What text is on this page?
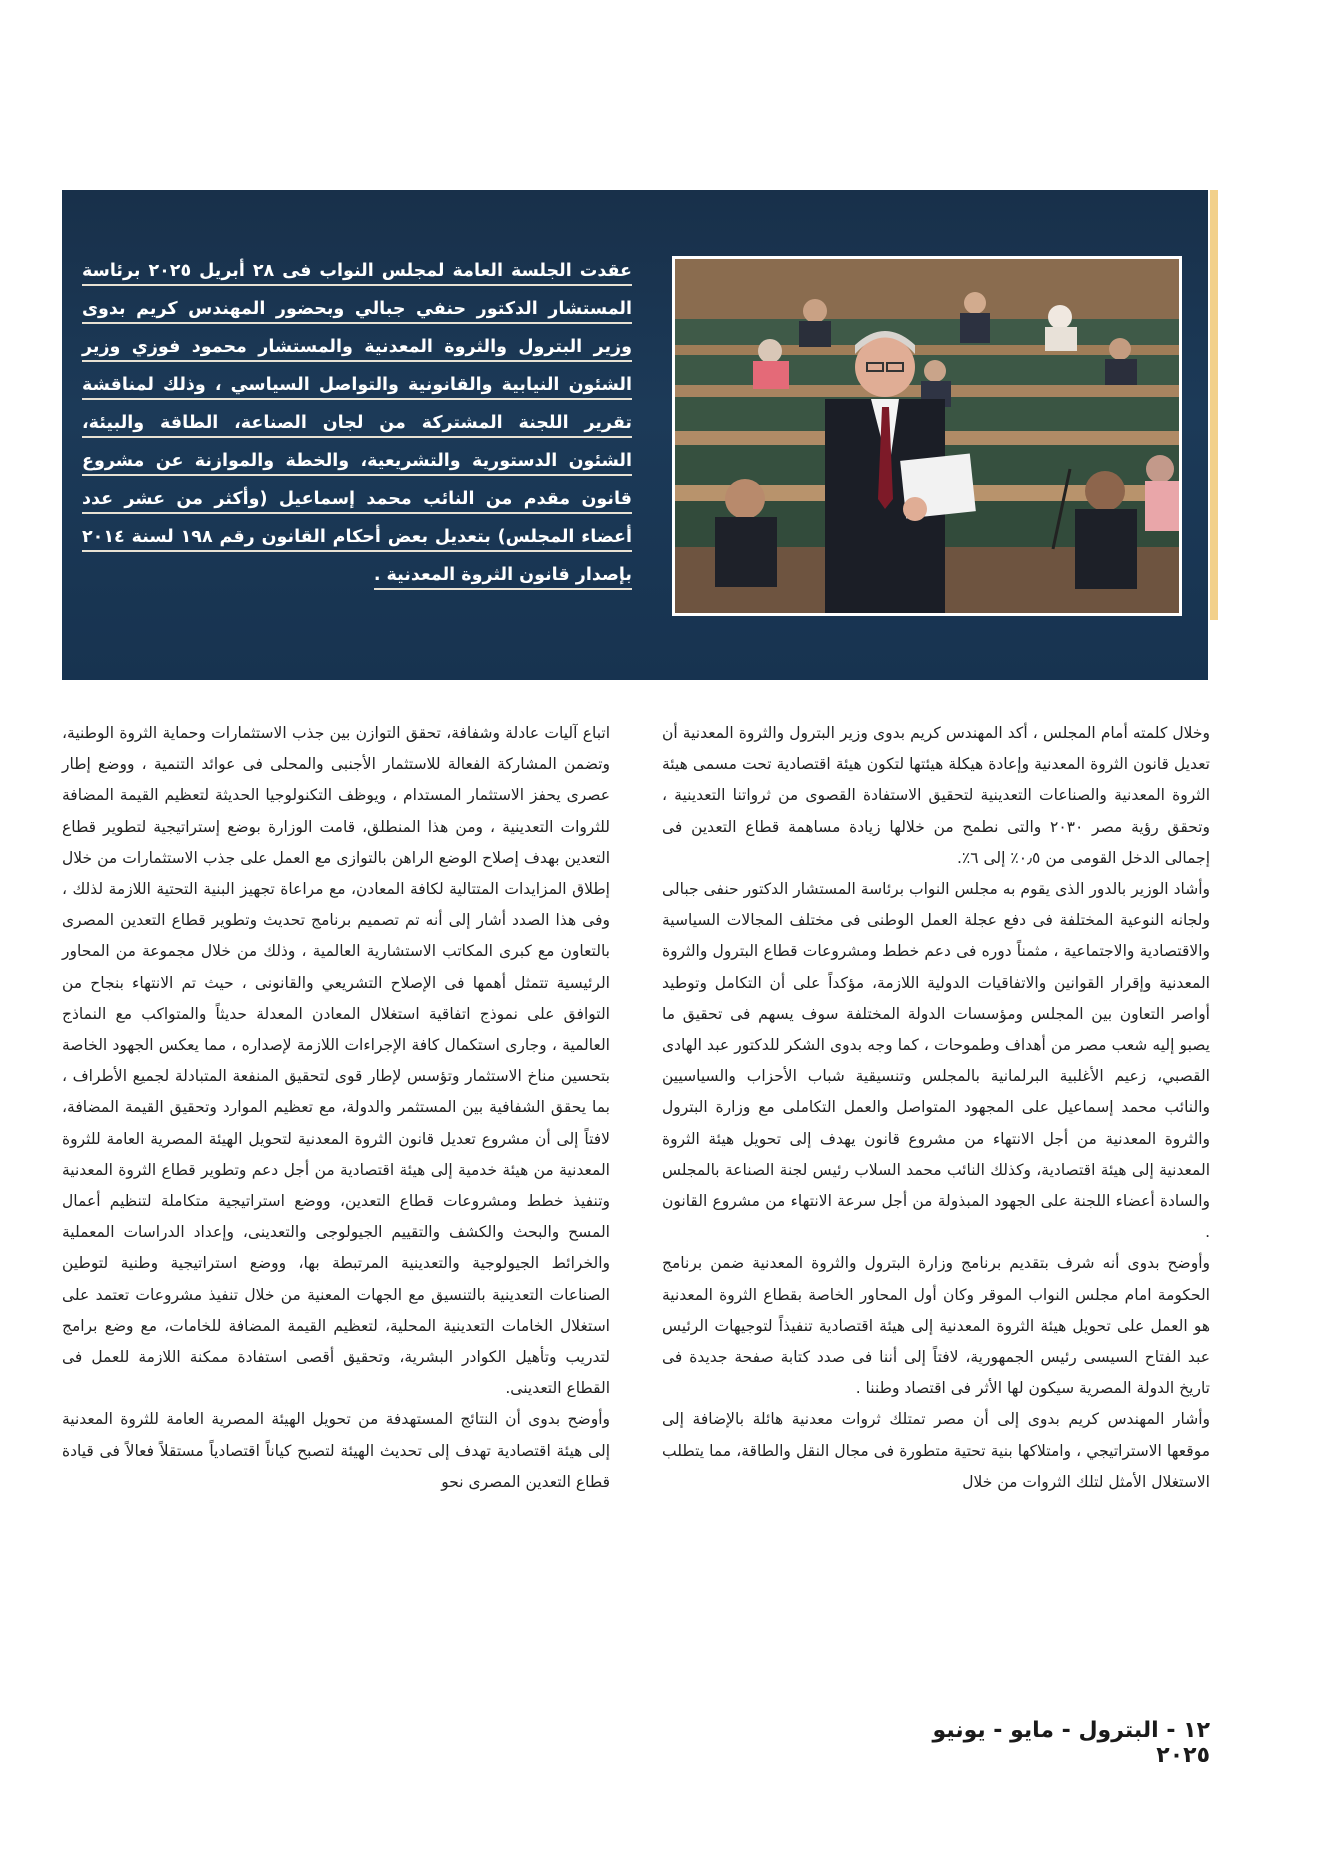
عقدت الجلسة العامة لمجلس النواب فى ٢٨ أبريل ٢٠٢٥ برئاسة المستشار الدكتور حنفي جبالي وبحضور المهندس كريم بدوى وزير البترول والثروة المعدنية والمستشار محمود فوزي وزير الشئون النيابية والقانونية والتواصل السياسي ، وذلك لمناقشة تقرير اللجنة المشتركة من لجان الصناعة، الطاقة والبيئة، الشئون الدستورية والتشريعية، والخطة والموازنة عن مشروع قانون مقدم من النائب محمد إسماعيل (وأكثر من عشر عدد أعضاء المجلس) بتعديل بعض أحكام القانون رقم ١٩٨ لسنة ٢٠١٤ بإصدار قانون الثروة المعدنية .

وخلال كلمته أمام المجلس ، أكد المهندس كريم بدوى وزير البترول والثروة المعدنية أن تعديل قانون الثروة المعدنية وإعادة هيكلة هيئتها لتكون هيئة اقتصادية تحت مسمى هيئة الثروة المعدنية والصناعات التعدينية لتحقيق الاستفادة القصوى من ثرواتنا التعدينية ، وتحقق رؤية مصر ٢٠٣٠ والتى نطمح من خلالها زيادة مساهمة قطاع التعدين فى إجمالى الدخل القومى من ٠٫٥٪ إلى ٦٪.

وأشاد الوزير بالدور الذى يقوم به مجلس النواب برئاسة المستشار الدكتور حنفى جبالى ولجانه النوعية المختلفة فى دفع عجلة العمل الوطنى فى مختلف المجالات السياسية والاقتصادية والاجتماعية ، مثمناً دوره فى دعم خطط ومشروعات قطاع البترول والثروة المعدنية وإقرار القوانين والاتفاقيات الدولية اللازمة، مؤكداً على أن التكامل وتوطيد أواصر التعاون بين المجلس ومؤسسات الدولة المختلفة سوف يسهم فى تحقيق ما يصبو إليه شعب مصر من أهداف وطموحات ، كما وجه بدوى الشكر للدكتور عبد الهادى القصبي، زعيم الأغلبية البرلمانية بالمجلس وتنسيقية شباب الأحزاب والسياسيين والنائب محمد إسماعيل على المجهود المتواصل والعمل التكاملى مع وزارة البترول والثروة المعدنية من أجل الانتهاء من مشروع قانون يهدف إلى تحويل هيئة الثروة المعدنية إلى هيئة اقتصادية، وكذلك النائب محمد السلاب رئيس لجنة الصناعة بالمجلس والسادة أعضاء اللجنة على الجهود المبذولة من أجل سرعة الانتهاء من مشروع القانون .

وأوضح بدوى أنه شرف بتقديم برنامج وزارة البترول والثروة المعدنية ضمن برنامج الحكومة امام مجلس النواب الموقر وكان أول المحاور الخاصة بقطاع الثروة المعدنية هو العمل على تحويل هيئة الثروة المعدنية إلى هيئة اقتصادية تنفيذاً لتوجيهات الرئيس عبد الفتاح السيسى رئيس الجمهورية، لافتاً إلى أننا فى صدد كتابة صفحة جديدة فى تاريخ الدولة المصرية سيكون لها الأثر فى اقتصاد وطننا .

وأشار المهندس كريم بدوى إلى أن مصر تمتلك ثروات معدنية هائلة بالإضافة إلى موقعها الاستراتيجي ، وامتلاكها بنية تحتية متطورة فى مجال النقل والطاقة، مما يتطلب الاستغلال الأمثل لتلك الثروات من خلال

اتباع آليات عادلة وشفافة، تحقق التوازن بين جذب الاستثمارات وحماية الثروة الوطنية، وتضمن المشاركة الفعالة للاستثمار الأجنبى والمحلى فى عوائد التنمية ، ووضع إطار عصرى يحفز الاستثمار المستدام ، ويوظف التكنولوجيا الحديثة لتعظيم القيمة المضافة للثروات التعدينية ، ومن هذا المنطلق، قامت الوزارة بوضع إستراتيجية لتطوير قطاع التعدين بهدف إصلاح الوضع الراهن بالتوازى مع العمل على جذب الاستثمارات من خلال إطلاق المزايدات المتتالية لكافة المعادن، مع مراعاة تجهيز البنية التحتية اللازمة لذلك ، وفى هذا الصدد أشار إلى أنه تم تصميم برنامج تحديث وتطوير قطاع التعدين المصرى بالتعاون مع كبرى المكاتب الاستشارية العالمية ، وذلك من خلال مجموعة من المحاور الرئيسية تتمثل أهمها فى الإصلاح التشريعي والقانونى ، حيث تم الانتهاء بنجاح من التوافق على نموذج اتفاقية استغلال المعادن المعدلة حديثاً والمتواكب مع النماذج العالمية ، وجارى استكمال كافة الإجراءات اللازمة لإصداره ، مما يعكس الجهود الخاصة بتحسين مناخ الاستثمار وتؤسس لإطار قوى لتحقيق المنفعة المتبادلة لجميع الأطراف ، بما يحقق الشفافية بين المستثمر والدولة، مع تعظيم الموارد وتحقيق القيمة المضافة، لافتاً إلى أن مشروع تعديل قانون الثروة المعدنية لتحويل الهيئة المصرية العامة للثروة المعدنية من هيئة خدمية إلى هيئة اقتصادية من أجل دعم وتطوير قطاع الثروة المعدنية وتنفيذ خطط ومشروعات قطاع التعدين، ووضع استراتيجية متكاملة لتنظيم أعمال المسح والبحث والكشف والتقييم الجيولوجى والتعدينى، وإعداد الدراسات المعملية والخرائط الجيولوجية والتعدينية المرتبطة بها، ووضع استراتيجية وطنية لتوطين الصناعات التعدينية بالتنسيق مع الجهات المعنية من خلال تنفيذ مشروعات تعتمد على استغلال الخامات التعدينية المحلية، لتعظيم القيمة المضافة للخامات، مع وضع برامج لتدريب وتأهيل الكوادر البشرية، وتحقيق أقصى استفادة ممكنة اللازمة للعمل فى القطاع التعدينى.

وأوضح بدوى أن النتائج المستهدفة من تحويل الهيئة المصرية العامة للثروة المعدنية إلى هيئة اقتصادية تهدف إلى تحديث الهيئة لتصبح كياناً اقتصادياً مستقلاً فعالاً فى قيادة قطاع التعدين المصرى نحو

١٢ - البترول - مايو - يونيو ٢٠٢٥
